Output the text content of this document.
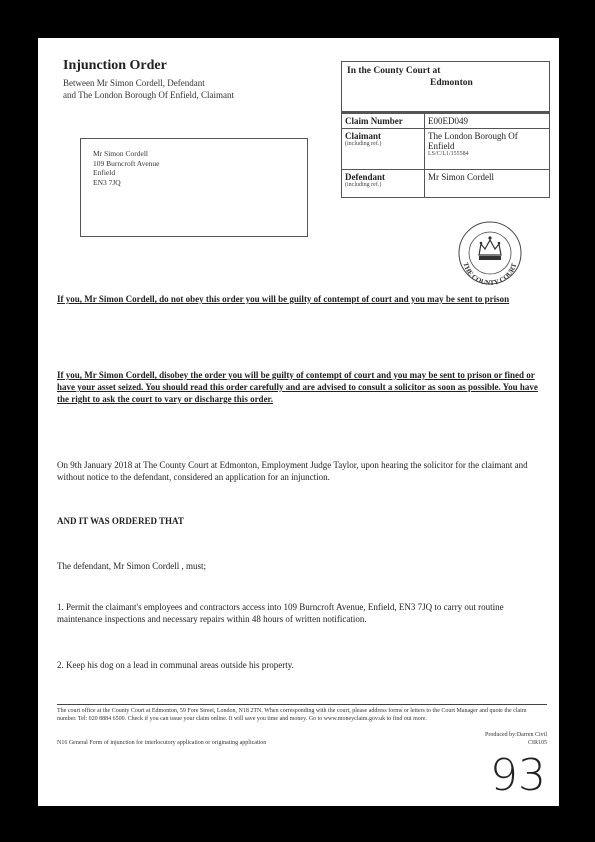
Injunction Order
Between Mr Simon Cordell, Defendant
and The London Borough Of Enfield, Claimant
Mr Simon Cordell
109 Burncroft Avenue
Enfield
EN3 7JQ
In the County Court at
Edmonton
Claim Number	E00ED049
Claimant
(including ref.)
The London Borough Of
Enfield
LS/C/L1/155584
Defendant
(including ref.)
Mr Simon Cordell
THE COUNTY COURT
If you, Mr Simon Cordell, do not obey this order you will be guilty of contempt of court and you may be sent to prison
If you, Mr Simon Cordell, disobey the order you will be guilty of contempt of court and you may be sent to prison or fined or have your asset seized. You should read this order carefully and are advised to consult a solicitor as soon as possible. You have the right to ask the court to vary or discharge this order.
On 9th January 2018 at The County Court at Edmonton, Employment Judge Taylor, upon hearing the solicitor for the claimant and without notice to the defendant, considered an application for an injunction.
AND IT WAS ORDERED THAT
The defendant, Mr Simon Cordell , must;
1. Permit the claimant's employees and contractors access into 109 Burncroft Avenue, Enfield, EN3 7JQ to carry out routine maintenance inspections and necessary repairs within 48 hours of written notification.
2. Keep his dog on a lead in communal areas outside his property.
The court office at the County Court at Edmonton, 59 Fore Street, London, N18 2TN. When corresponding with the court, please address forms or letters to the Court Manager and quote the claim number. Tel: 020 8884 6500. Check if you can issue your claim online. It will save you time and money. Go to www.moneyclaim.gov.uk to find out more.
N16 General Form of injunction for interlocutory application or originating application
Produced by:Darren Civil
CIR105
93
